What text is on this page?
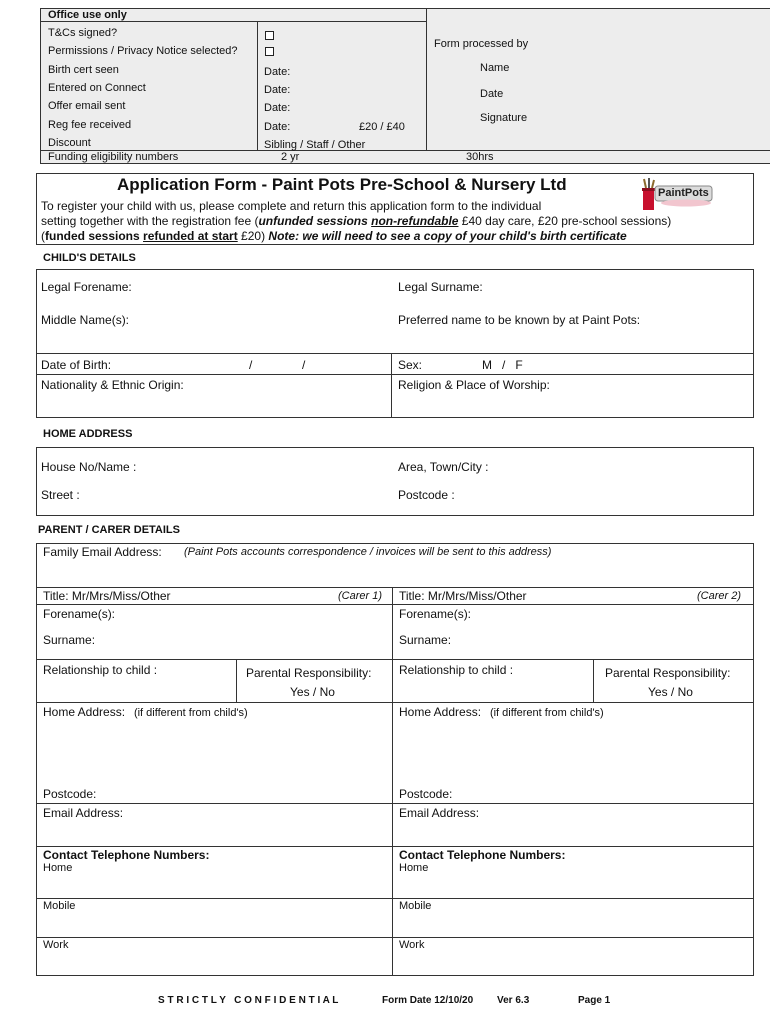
Office use only
T&Cs signed?
Permissions / Privacy Notice selected?
Birth cert seen	Date:
Entered on Connect	Date:
Offer email sent	Date:
Reg fee received	Date:	£20 / £40
Discount	Sibling / Staff / Other
Form processed by
Name
Date
Signature
Funding eligibility numbers	2 yr	30hrs
Application Form - Paint Pots Pre-School & Nursery Ltd	PaintPots
To register your child with us, please complete and return this application form to the individual
setting together with the registration fee (unfunded sessions non-refundable £40 day care, £20 pre-school sessions)
(funded sessions refunded at start £20) Note: we will need to see a copy of your child's birth certificate
CHILD'S DETAILS
Legal Forename:	Legal Surname:
Middle Name(s):	Preferred name to be known by at Paint Pots:
Date of Birth:	/	/	Sex:	M   /   F
Nationality & Ethnic Origin:	Religion & Place of Worship:
HOME ADDRESS
House No/Name :	Area, Town/City :
Street :	Postcode :
PARENT / CARER DETAILS
Family Email Address: (Paint Pots accounts correspondence / invoices will be sent to this address)
Title: Mr/Mrs/Miss/Other	(Carer 1)
Forename(s):
Surname:
Relationship to child :	Parental Responsibility:
Yes / No
Home Address: (if different from child's)
Postcode:
Email Address:
Contact Telephone Numbers:
Home
Mobile
Work
Title: Mr/Mrs/Miss/Other	(Carer 2)
Forename(s):
Surname:
Relationship to child :	Parental Responsibility:
Yes / No
Home Address: (if different from child's)
Postcode:
Email Address:
Contact Telephone Numbers:
Home
Mobile
Work
S T R I C T L Y   C O N F I D E N T I A L	Form Date 12/10/20 Ver 6.3	Page 1
